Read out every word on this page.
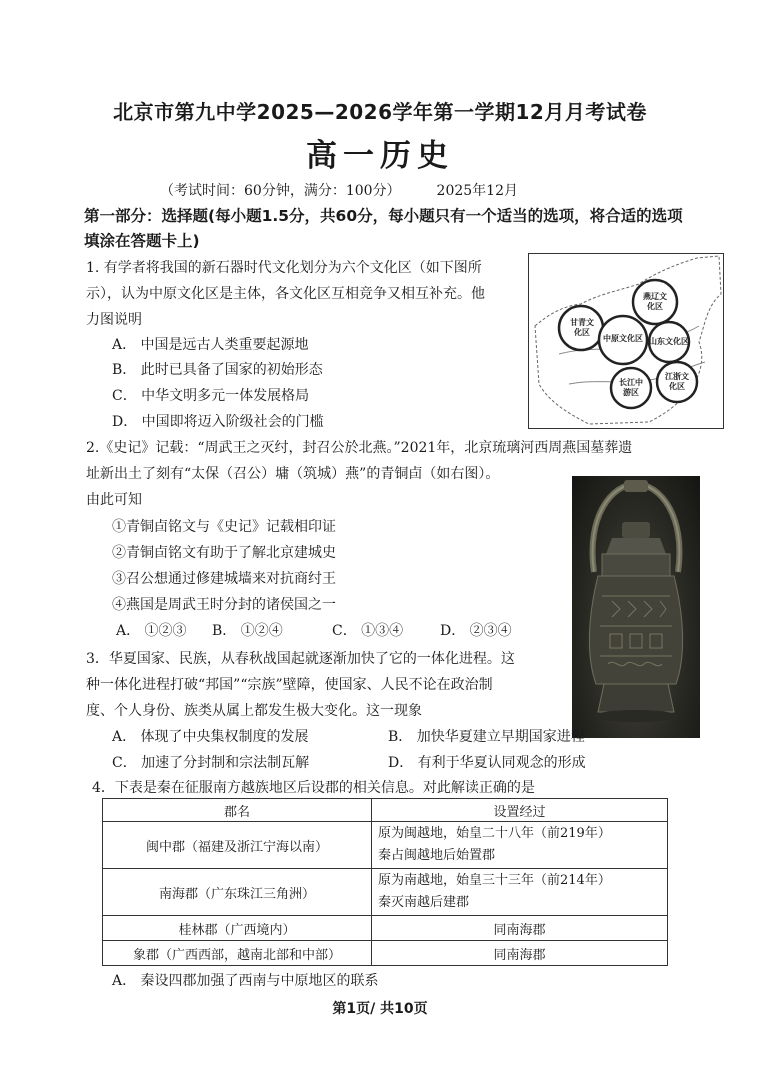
北京市第九中学2025—2026学年第一学期12月月考试卷
高一历史
（考试时间：60分钟，满分：100分）	2025年12月
第一部分：选择题(每小题1.5分，共60分，每小题只有一个适当的选项，将合适的选项填涂在答题卡上)
1. 有学者将我国的新石器时代文化划分为六个文化区（如下图所
示），认为中原文化区是主体，各文化区互相竞争又相互补充。他
力图说明
A． 中国是远古人类重要起源地
B． 此时已具备了国家的初始形态
C． 中华文明多元一体发展格局
D． 中国即将迈入阶级社会的门槛
甘青文化区
燕辽文化区
中原文化区 山东文化区
长江中游区
江浙文化区
2.《史记》记载：“周武王之灭纣，封召公於北燕。”2021年，北京琉璃河西周燕国墓葬遗
址新出土了刻有“太保（召公）墉（筑城）燕”的青铜卣（如右图）。
由此可知
①青铜卣铭文与《史记》记载相印证
②青铜卣铭文有助于了解北京建城史
③召公想通过修建城墙来对抗商纣王
④燕国是周武王时分封的诸侯国之一
A． ①②③ B． ①②④	C． ①③④	D． ②③④
3．华夏国家、民族，从春秋战国起就逐渐加快了它的一体化进程。这
种一体化进程打破“邦国”“宗族”壁障，使国家、人民不论在政治制
度、个人身份、族类从属上都发生极大变化。这一现象
A． 体现了中央集权制度的发展	B． 加快华夏建立早期国家进程
C． 加速了分封制和宗法制瓦解	D． 有利于华夏认同观念的形成
4．下表是秦在征服南方越族地区后设郡的相关信息。对此解读正确的是
郡名	设置经过
闽中郡（福建及浙江宁海以南）	原为闽越地，始皇二十八年（前219年）
秦占闽越地后始置郡

南海郡（广东珠江三角洲）	原为南越地，始皇三十三年（前214年）
秦灭南越后建郡

桂林郡（广西境内）	同南海郡
象郡（广西西部，越南北部和中部）	同南海郡
A． 秦设四郡加强了西南与中原地区的联系
第1页/ 共10页
